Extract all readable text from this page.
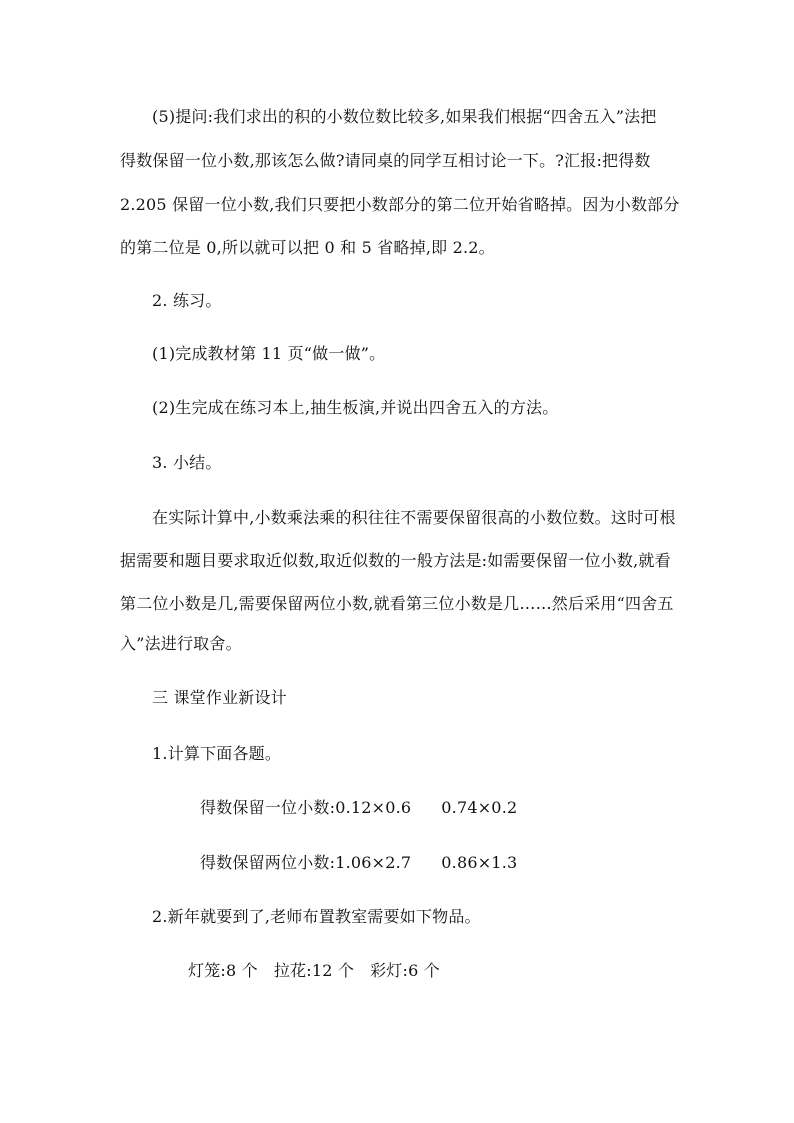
(5)提问:我们求出的积的小数位数比较多,如果我们根据“四舍五入”法把
得数保留一位小数,那该怎么做?请同桌的同学互相讨论一下。?汇报:把得数
2.205 保留一位小数,我们只要把小数部分的第二位开始省略掉。因为小数部分
的第二位是 0,所以就可以把 0 和 5 省略掉,即 2.2。
2. 练习。
(1)完成教材第 11 页“做一做”。
(2)生完成在练习本上,抽生板演,并说出四舍五入的方法。
3. 小结。
在实际计算中,小数乘法乘的积往往不需要保留很高的小数位数。这时可根
据需要和题目要求取近似数,取近似数的一般方法是:如需要保留一位小数,就看
第二位小数是几,需要保留两位小数,就看第三位小数是几……然后采用“四舍五
入”法进行取舍。
三 课堂作业新设计
1.计算下面各题。
得数保留一位小数:0.12×0.6 0.74×0.2
得数保留两位小数:1.06×2.7 0.86×1.3
2.新年就要到了,老师布置教室需要如下物品。
灯笼:8 个 拉花:12 个 彩灯:6 个
